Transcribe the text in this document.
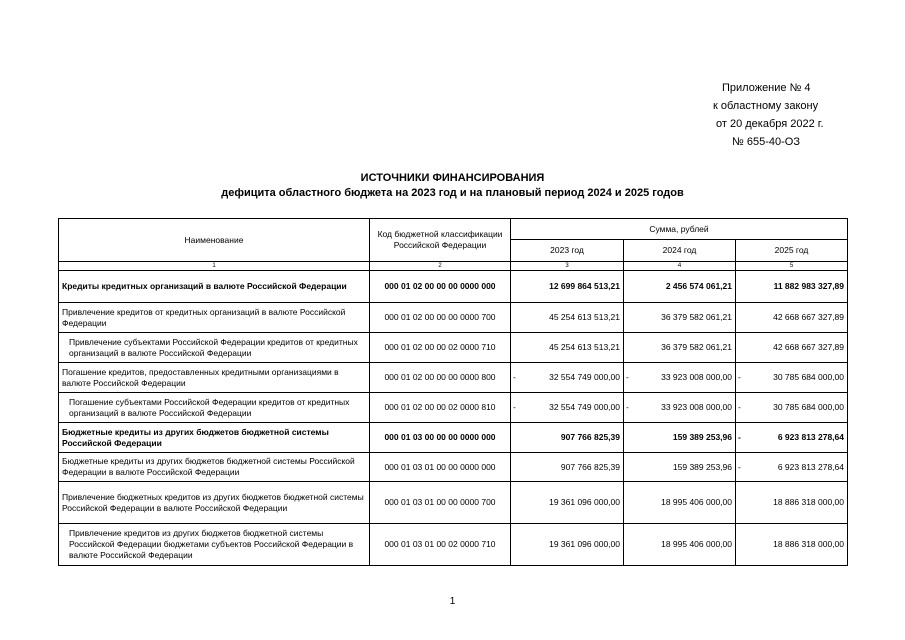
Приложение № 4
к областному закону
от 20 декабря 2022 г.
№ 655-40-ОЗ
ИСТОЧНИКИ ФИНАНСИРОВАНИЯ
дефицита областного бюджета на 2023 год и на плановый период 2024 и 2025 годов
Наименование	Код бюджетной классификации Российской Федерации	Сумма, рублей		
		2023 год	2024 год	2025 год
1	2	3	4	5
Кредиты кредитных организаций в валюте Российской Федерации	000 01 02 00 00 00 0000 000	12 699 864 513,21	2 456 574 061,21	11 882 983 327,89
Привлечение кредитов от кредитных организаций в валюте Российской Федерации	000 01 02 00 00 00 0000 700	45 254 613 513,21	36 379 582 061,21	42 668 667 327,89
Привлечение субъектами Российской Федерации кредитов от кредитных организаций в валюте Российской Федерации	000 01 02 00 00 02 0000 710	45 254 613 513,21	36 379 582 061,21	42 668 667 327,89
Погашение кредитов, предоставленных кредитными организациями в валюте Российской Федерации	000 01 02 00 00 00 0000 800	- 32 554 749 000,00	- 33 923 008 000,00	- 30 785 684 000,00
Погашение субъектами Российской Федерации кредитов от кредитных организаций в валюте Российской Федерации	000 01 02 00 00 02 0000 810	- 32 554 749 000,00	- 33 923 008 000,00	- 30 785 684 000,00
Бюджетные кредиты из других бюджетов бюджетной системы Российской Федерации	000 01 03 00 00 00 0000 000	907 766 825,39	159 389 253,96	- 6 923 813 278,64
Бюджетные кредиты из других бюджетов бюджетной системы Российской Федерации в валюте Российской Федерации	000 01 03 01 00 00 0000 000	907 766 825,39	159 389 253,96	- 6 923 813 278,64
Привлечение бюджетных кредитов из других бюджетов бюджетной системы Российской Федерации в валюте Российской Федерации	000 01 03 01 00 00 0000 700	19 361 096 000,00	18 995 406 000,00	18 886 318 000,00
Привлечение кредитов из других бюджетов бюджетной системы Российской Федерации бюджетами субъектов Российской Федерации в валюте Российской Федерации	000 01 03 01 00 02 0000 710	19 361 096 000,00	18 995 406 000,00	18 886 318 000,00
1
